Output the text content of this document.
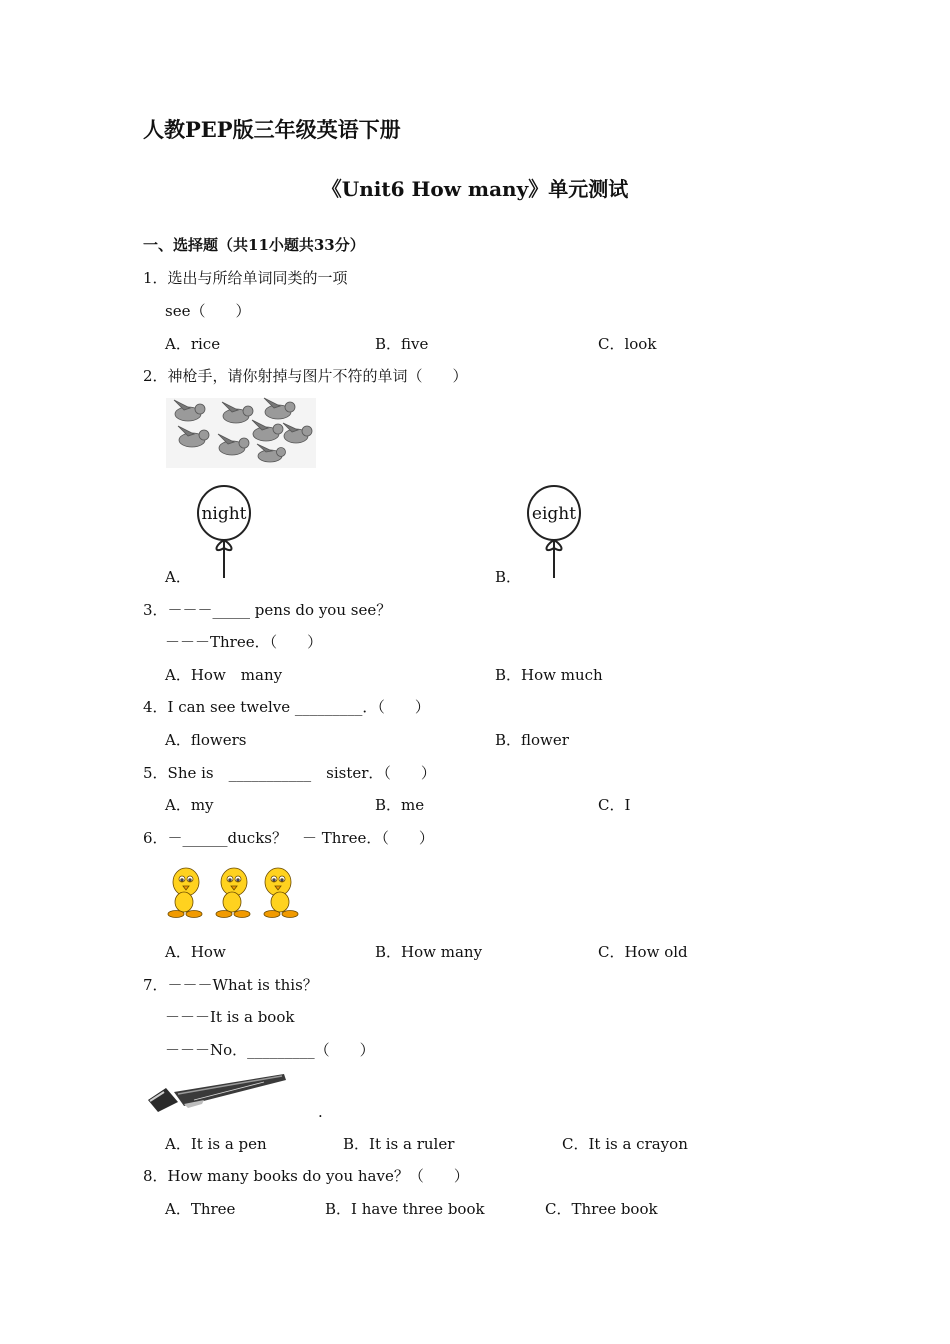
人教PEP版三年级英语下册
《Unit6 How many》单元测试
一、选择题（共11小题共33分）
1．选出与所给单词同类的一项
see（　　）
A．rice	B．five	C．look
2．神枪手，请你射掉与图片不符的单词（　　）
night	eight
A．	B．
3．－－－_____ pens do you see？
－－－Three．（　　）
A．How　many	B．How much
4．I can see twelve _________．（　　）
A．flowers	B．flower
5．She is　___________　sister．（　　）
A．my	B．me	C．I
6．－______ducks？　－ Three．（　　）
A．How	B．How many	C．How old
7．－－－What is this？
－－－It is a book
－－－No．_________（　　）
.
A．It is a pen	B．It is a ruler	C．It is a crayon
8．How many books do you have？（　　）
A．Three	B．I have three book	C．Three book
